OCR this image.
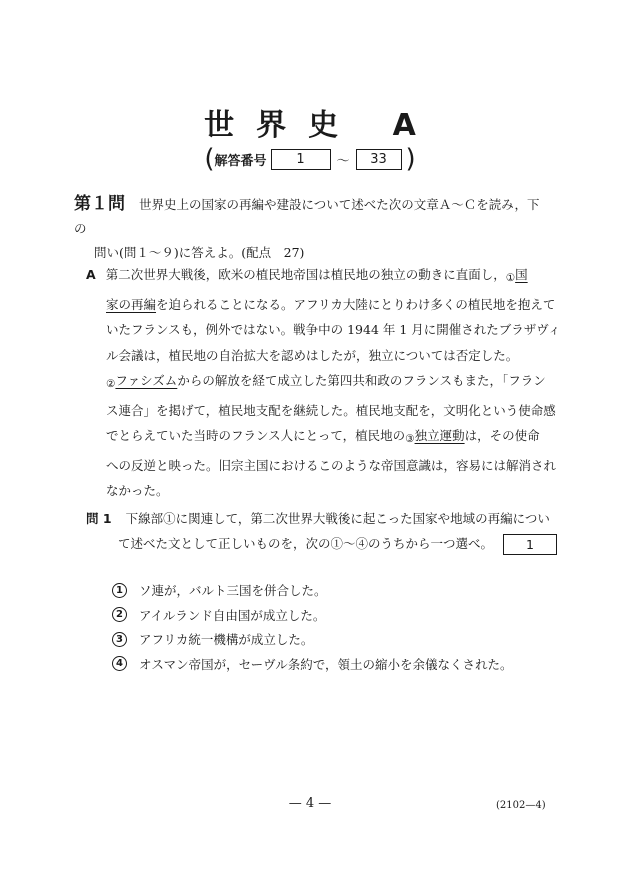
世界史 A
( 解答番号	1	〜	33 )
第１問 世界史上の国家の再編や建設について述べた次の文章Ａ～Ｃを読み，下の
問い(問１～９)に答えよ。(配点　27)
A 第二次世界大戦後，欧米の植民地帝国は植民地の独立の動きに直面し，①国
家の再編を迫られることになる。アフリカ大陸にとりわけ多くの植民地を抱えて
いたフランスも，例外ではない。戦争中の 1944 年 1 月に開催されたブラザヴィ
ル会議は，植民地の自治拡大を認めはしたが，独立については否定した。
②ファシズムからの解放を経て成立した第四共和政のフランスもまた，「フラン
ス連合」を掲げて，植民地支配を継続した。植民地支配を，文明化という使命感
でとらえていた当時のフランス人にとって，植民地の③独立運動は，その使命
への反逆と映った。旧宗主国におけるこのような帝国意識は，容易には解消され
なかった。
問 1 下線部①に関連して，第二次世界大戦後に起こった国家や地域の再編につい
て述べた文として正しいものを，次の①～④のうちから一つ選べ。	1
1	ソ連が，バルト三国を併合した。
2	アイルランド自由国が成立した。
3	アフリカ統一機構が成立した。
4	オスマン帝国が，セーヴル条約で，領土の縮小を余儀なくされた。
— 4 —	(2102—4)
